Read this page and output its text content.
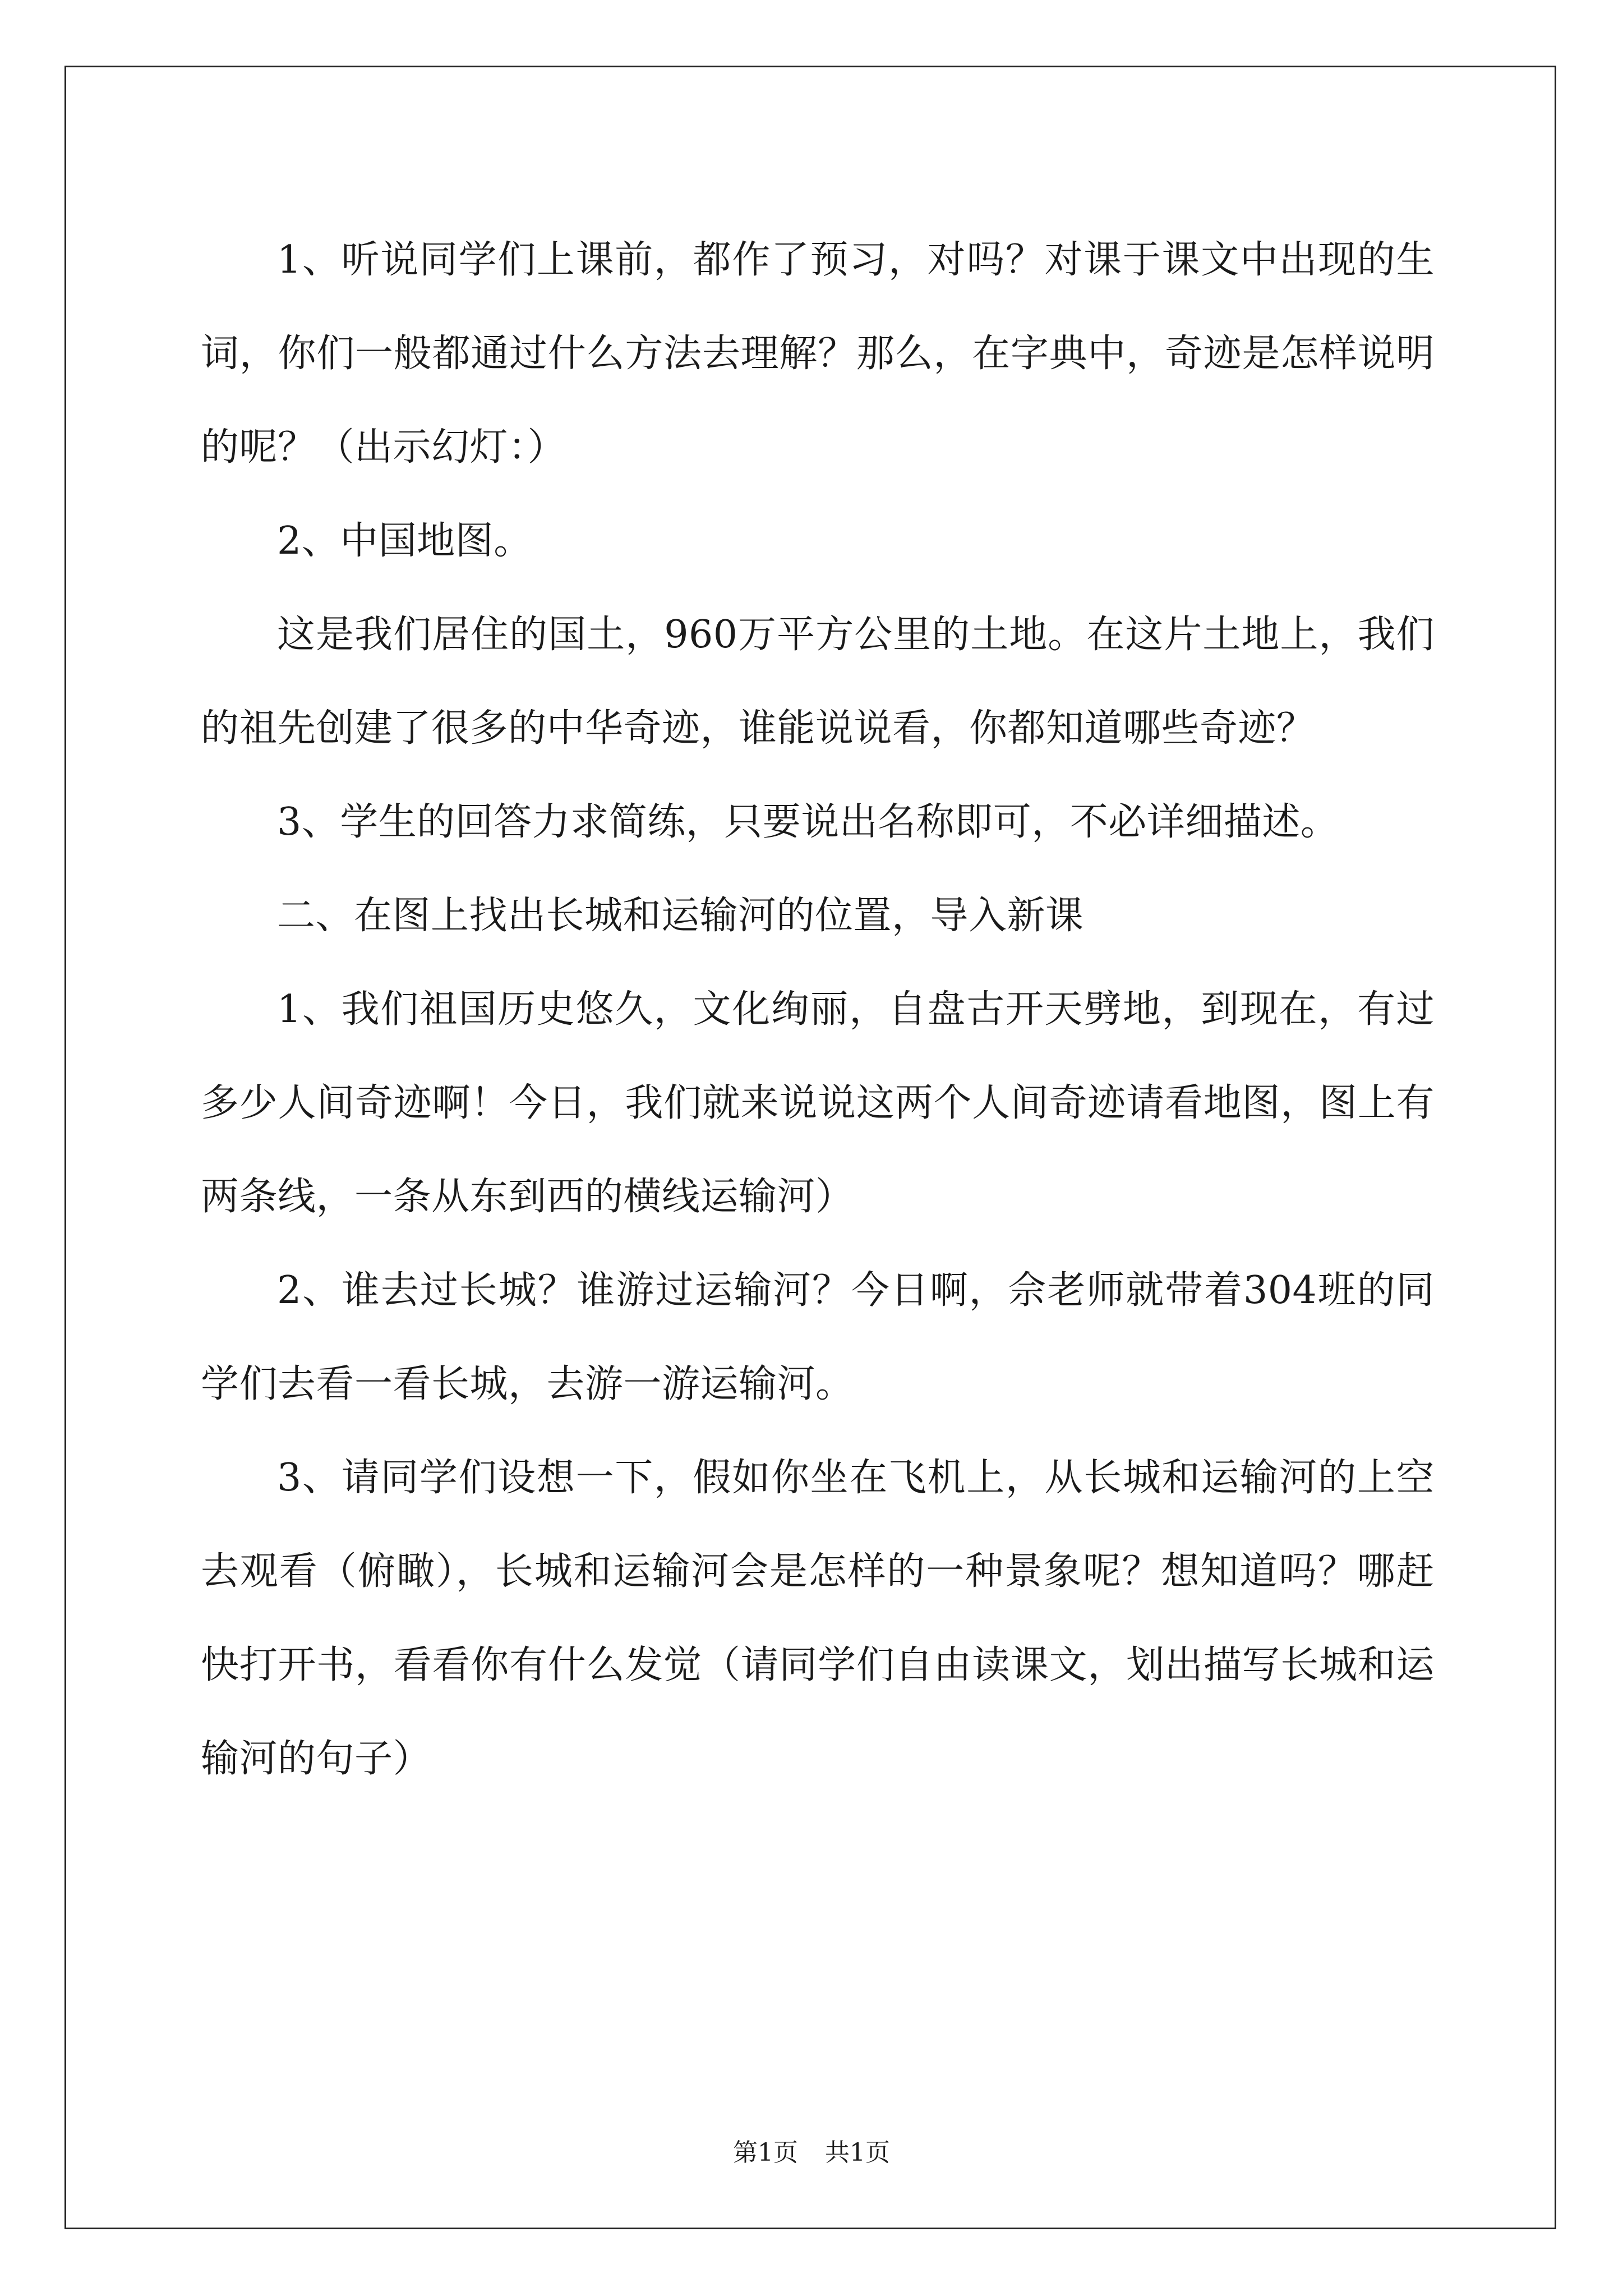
1、听说同学们上课前，都作了预习，对吗？对课于课文中出现的生词，你们一般都通过什么方法去理解？那么，在字典中，奇迹是怎样说明的呢？（出示幻灯：）

2、中国地图。

这是我们居住的国土，960万平方公里的土地。在这片土地上，我们的祖先创建了很多的中华奇迹，谁能说说看，你都知道哪些奇迹？

3、学生的回答力求简练，只要说出名称即可，不必详细描述。

二、在图上找出长城和运输河的位置，导入新课

1、我们祖国历史悠久，文化绚丽，自盘古开天劈地，到现在，有过多少人间奇迹啊！今日，我们就来说说这两个人间奇迹请看地图，图上有两条线，一条从东到西的横线运输河）

2、谁去过长城？谁游过运输河？今日啊，佘老师就带着304班的同学们去看一看长城，去游一游运输河。

3、请同学们设想一下，假如你坐在飞机上，从长城和运输河的上空去观看（俯瞰），长城和运输河会是怎样的一种景象呢？想知道吗？哪赶快打开书，看看你有什么发觉（请同学们自由读课文，划出描写长城和运输河的句子）

第1页 共1页
